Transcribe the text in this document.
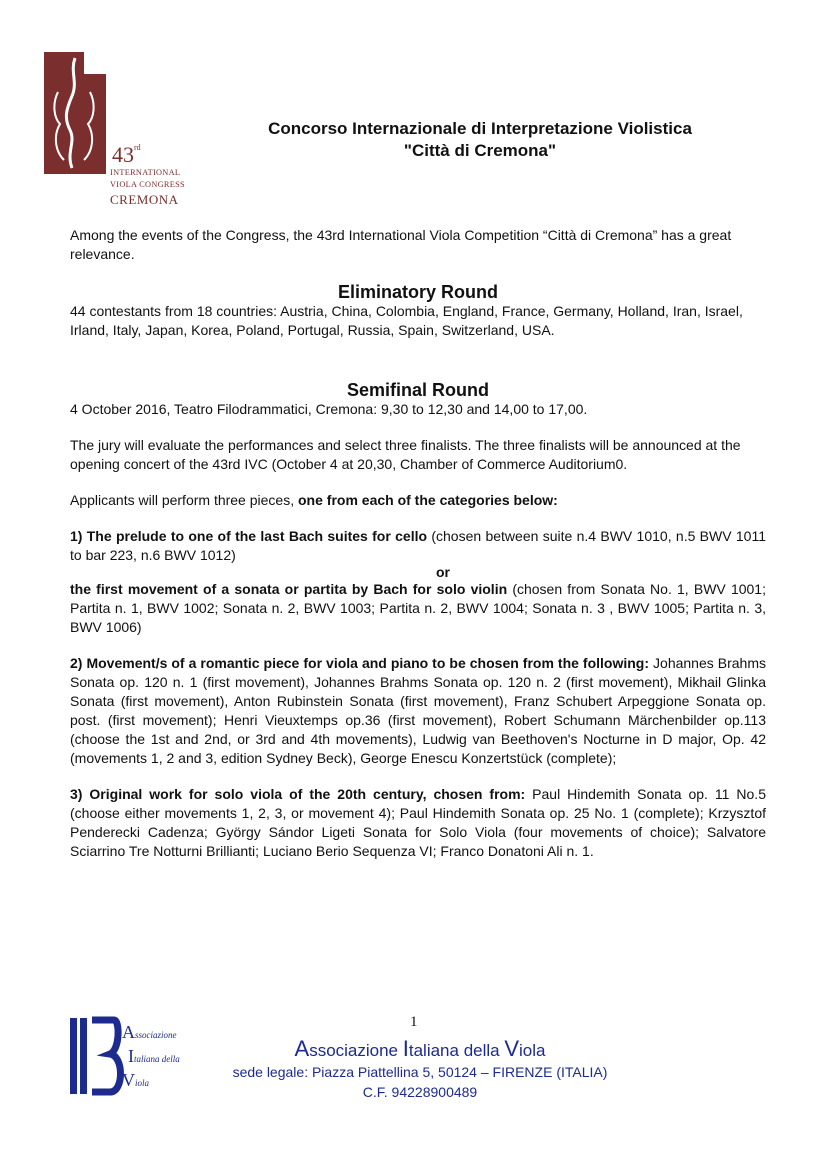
43rd
INTERNATIONAL
VIOLA CONGRESS
CREMONA
Concorso Internazionale di Interpretazione Violistica
"Città di Cremona"

Among the events of the Congress, the 43rd International Viola Competition “Città di Cremona” has a great relevance.

Eliminatory Round

44 contestants from 18 countries: Austria, China, Colombia, England, France, Germany, Holland, Iran, Israel, Irland, Italy, Japan, Korea, Poland, Portugal, Russia, Spain, Switzerland, USA.

Semifinal Round

4 October 2016, Teatro Filodrammatici, Cremona: 9,30 to 12,30 and 14,00 to 17,00.

The jury will evaluate the performances and select three finalists. The three finalists will be announced at the opening concert of the 43rd IVC (October 4 at 20,30, Chamber of Commerce Auditorium0.

Applicants will perform three pieces, one from each of the categories below:

1) The prelude to one of the last Bach suites for cello (chosen between suite n.4 BWV 1010, n.5 BWV 1011 to bar 223, n.6 BWV 1012)

or

the first movement of a sonata or partita by Bach for solo violin (chosen from Sonata No. 1, BWV 1001; Partita n. 1, BWV 1002; Sonata n. 2, BWV 1003; Partita n. 2, BWV 1004; Sonata n. 3 , BWV 1005; Partita n. 3, BWV 1006)

2) Movement/s of a romantic piece for viola and piano to be chosen from the following: Johannes Brahms Sonata op. 120 n. 1 (first movement), Johannes Brahms Sonata op. 120 n. 2 (first movement), Mikhail Glinka Sonata (first movement), Anton Rubinstein Sonata (first movement), Franz Schubert Arpeggione Sonata op. post. (first movement); Henri Vieuxtemps op.36 (first movement), Robert Schumann Märchenbilder op.113 (choose the 1st and 2nd, or 3rd and 4th movements), Ludwig van Beethoven's Nocturne in D major, Op. 42 (movements 1, 2 and 3, edition Sydney Beck), George Enescu Konzertstück (complete);

3) Original work for solo viola of the 20th century, chosen from: Paul Hindemith Sonata op. 11 No.5 (choose either movements 1, 2, 3, or movement 4); Paul Hindemith Sonata op. 25 No. 1 (complete); Krzysztof Penderecki Cadenza; György Sándor Ligeti Sonata for Solo Viola (four movements of choice); Salvatore Sciarrino Tre Notturni Brillianti; Luciano Berio Sequenza VI; Franco Donatoni Ali n. 1.

Associazione
Italiana della
Viola
1
Associazione Italiana della Viola
sede legale: Piazza Piattellina 5, 50124 – FIRENZE (ITALIA)
C.F. 94228900489
